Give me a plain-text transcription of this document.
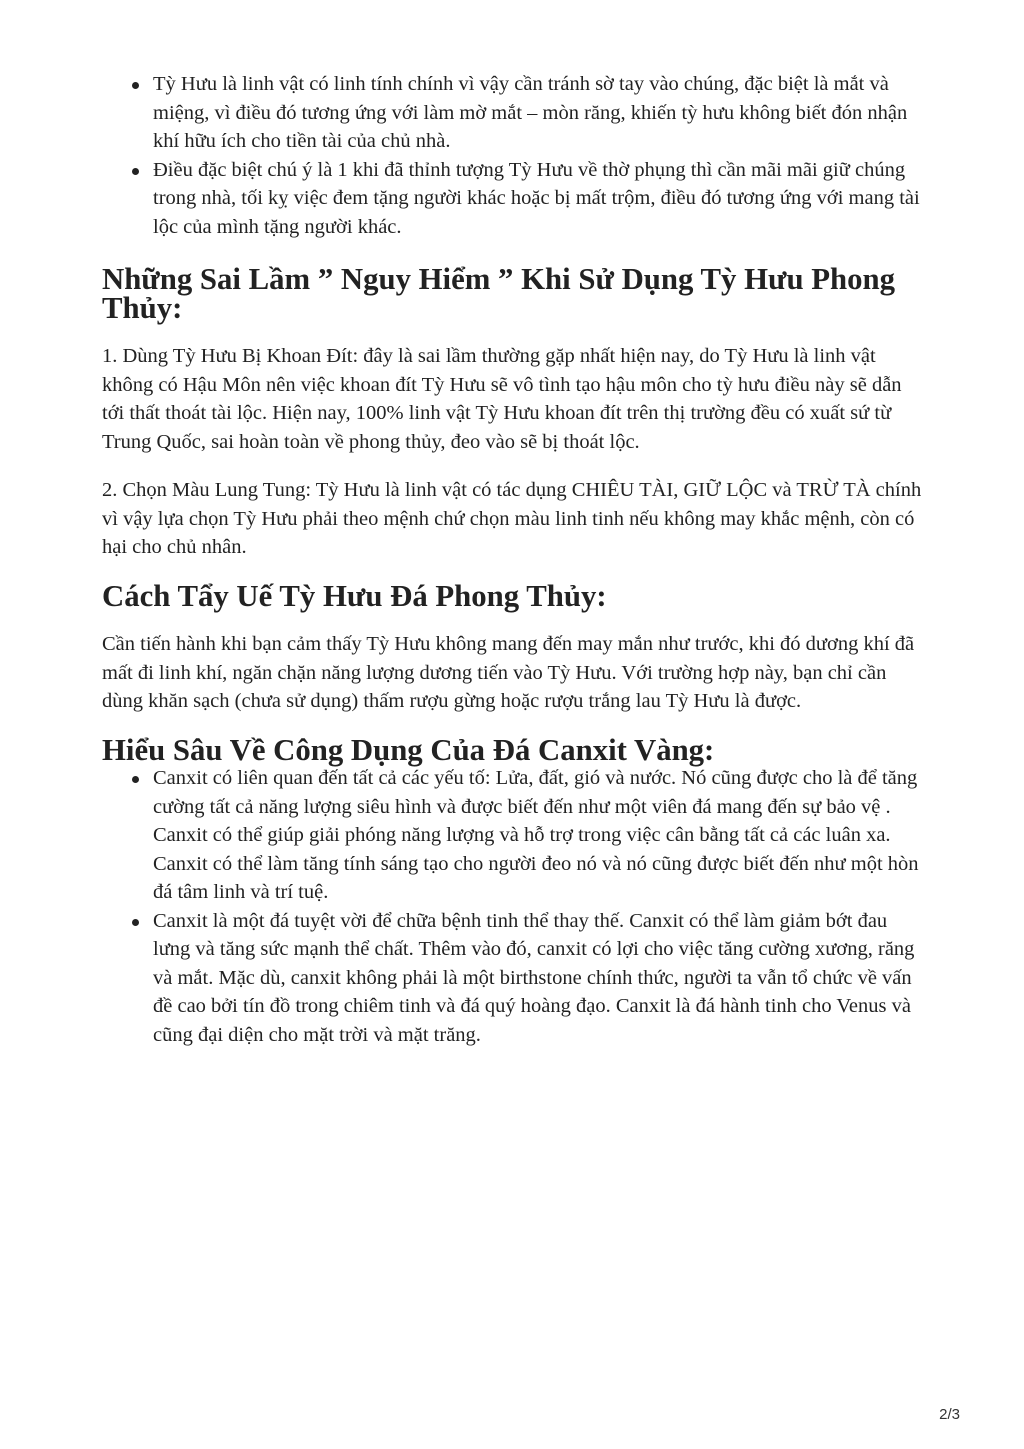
Tỳ Hưu là linh vật có linh tính chính vì vậy cần tránh sờ tay vào chúng, đặc biệt là mắt và miệng, vì điều đó tương ứng với làm mờ mắt – mòn răng, khiến tỳ hưu không biết đón nhận khí hữu ích cho tiền tài của chủ nhà.
Điều đặc biệt chú ý là 1 khi đã thỉnh tượng Tỳ Hưu về thờ phụng thì cần mãi mãi giữ chúng trong nhà, tối kỵ việc đem tặng người khác hoặc bị mất trộm, điều đó tương ứng với mang tài lộc của mình tặng người khác.
Những Sai Lầm ” Nguy Hiểm ” Khi Sử Dụng Tỳ Hưu Phong Thủy:

1. Dùng Tỳ Hưu Bị Khoan Đít: đây là sai lầm thường gặp nhất hiện nay, do Tỳ Hưu là linh vật không có Hậu Môn nên việc khoan đít Tỳ Hưu sẽ vô tình tạo hậu môn cho tỳ hưu điều này sẽ dẫn tới thất thoát tài lộc. Hiện nay, 100% linh vật Tỳ Hưu khoan đít trên thị trường đều có xuất sứ từ Trung Quốc, sai hoàn toàn về phong thủy, đeo vào sẽ bị thoát lộc.

2. Chọn Màu Lung Tung: Tỳ Hưu là linh vật có tác dụng CHIÊU TÀI, GIỮ LỘC và TRỪ TÀ chính vì vậy lựa chọn Tỳ Hưu phải theo mệnh chứ chọn màu linh tinh nếu không may khắc mệnh, còn có hại cho chủ nhân.

Cách Tẩy Uế Tỳ Hưu Đá Phong Thủy:

Cần tiến hành khi bạn cảm thấy Tỳ Hưu không mang đến may mắn như trước, khi đó dương khí đã mất đi linh khí, ngăn chặn năng lượng dương tiến vào Tỳ Hưu. Với trường hợp này, bạn chỉ cần dùng khăn sạch (chưa sử dụng) thấm rượu gừng hoặc rượu trắng lau Tỳ Hưu là được.

Hiểu Sâu Về Công Dụng Của Đá Canxit Vàng:
Canxit có liên quan đến tất cả các yếu tố: Lửa, đất, gió và nước. Nó cũng được cho là để tăng cường tất cả năng lượng siêu hình và được biết đến như một viên đá mang đến sự bảo vệ . Canxit có thể giúp giải phóng năng lượng và hỗ trợ trong việc cân bằng tất cả các luân xa. Canxit có thể làm tăng tính sáng tạo cho người đeo nó và nó cũng được biết đến như một hòn đá tâm linh và trí tuệ.
Canxit là một đá tuyệt vời để chữa bệnh tinh thể thay thế. Canxit có thể làm giảm bớt đau lưng và tăng sức mạnh thể chất. Thêm vào đó, canxit có lợi cho việc tăng cường xương, răng và mắt. Mặc dù, canxit không phải là một birthstone chính thức, người ta vẫn tổ chức về vấn đề cao bởi tín đồ trong chiêm tinh và đá quý hoàng đạo. Canxit là đá hành tinh cho Venus và cũng đại diện cho mặt trời và mặt trăng.
2/3
